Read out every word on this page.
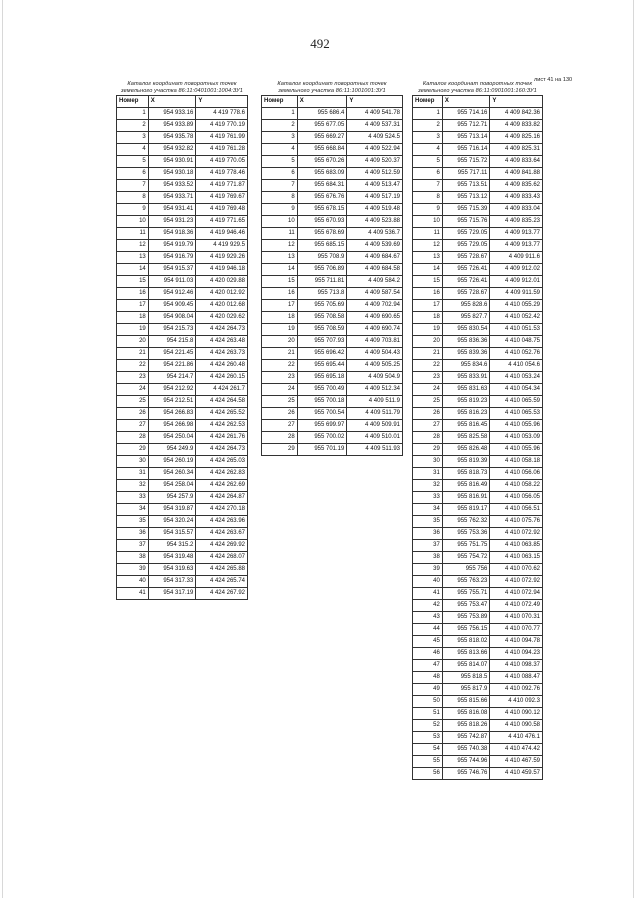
492
лист 41 на 130
Каталог координат поворотных точек
земельного участка 86:11:0401001:1004:ЗУ1
Номер	X	Y
1	954 933.16	4 419 778.6
2	954 933.89	4 419 770.19
3	954 935.78	4 419 761.99
4	954 932.82	4 419 761.28
5	954 930.91	4 419 770.05
6	954 930.18	4 419 778.46
7	954 933.52	4 419 771.87
8	954 933.71	4 419 769.67
9	954 931.41	4 419 769.48
10	954 931.23	4 419 771.65
11	954 918.36	4 419 946.46
12	954 919.79	4 419 929.5
13	954 916.79	4 419 929.26
14	954 915.37	4 419 946.18
15	954 911.03	4 420 029.88
16	954 912.46	4 420 012.92
17	954 909.45	4 420 012.68
18	954 908.04	4 420 029.62
19	954 215.73	4 424 264.73
20	954 215.8	4 424 263.48
21	954 221.45	4 424 263.73
22	954 221.86	4 424 260.48
23	954 214.7	4 424 260.15
24	954 212.92	4 424 261.7
25	954 212.51	4 424 264.58
26	954 266.83	4 424 265.52
27	954 266.98	4 424 262.53
28	954 250.04	4 424 261.76
29	954 249.9	4 424 264.73
30	954 260.19	4 424 265.03
31	954 260.34	4 424 262.83
32	954 258.04	4 424 262.69
33	954 257.9	4 424 264.87
34	954 319.87	4 424 270.18
35	954 320.24	4 424 263.96
36	954 315.57	4 424 263.67
37	954 315.2	4 424 269.92
38	954 319.48	4 424 268.07
39	954 319.63	4 424 265.88
40	954 317.33	4 424 265.74
41	954 317.19	4 424 267.92
Каталог координат поворотных точек
земельного участка 86:11:1001001:ЗУ1
Номер	X	Y
1	955 686.4	4 409 541.78
2	955 677.05	4 409 537.31
3	955 669.27	4 409 524.5
4	955 668.84	4 409 522.94
5	955 670.26	4 409 520.37
6	955 683.09	4 409 512.59
7	955 684.31	4 409 513.47
8	955 676.76	4 409 517.19
9	955 678.15	4 409 519.48
10	955 670.93	4 409 523.88
11	955 678.69	4 409 536.7
12	955 685.15	4 409 539.69
13	955 708.9	4 409 684.67
14	955 706.89	4 409 684.58
15	955 711.81	4 409 584.2
16	955 713.8	4 409 587.54
17	955 705.69	4 409 702.94
18	955 708.58	4 409 690.65
19	955 708.59	4 409 690.74
20	955 707.93	4 409 703.81
21	955 696.42	4 409 504.43
22	955 695.44	4 409 505.25
23	955 695.18	4 409 504.9
24	955 700.49	4 409 512.34
25	955 700.18	4 409 511.9
26	955 700.54	4 409 511.79
27	955 699.97	4 409 509.91
28	955 700.02	4 409 510.01
29	955 701.19	4 409 511.93
Каталог координат поворотных точек
земельного участка 86:11:0901001:160:ЗУ1
Номер	X	Y
1	955 714.16	4 409 842.36
2	955 712.71	4 409 833.82
3	955 713.14	4 409 825.16
4	955 716.14	4 409 825.31
5	955 715.72	4 409 833.64
6	955 717.11	4 409 841.88
7	955 713.51	4 409 835.62
8	955 713.12	4 409 833.43
9	955 715.39	4 409 833.04
10	955 715.76	4 409 835.23
11	955 729.05	4 409 913.77
12	955 729.05	4 409 913.77
13	955 728.67	4 409 911.6
14	955 726.41	4 409 912.02
15	955 726.41	4 409 912.01
16	955 728.67	4 409 911.59
17	955 828.6	4 410 055.29
18	955 827.7	4 410 052.42
19	955 830.54	4 410 051.53
20	955 836.36	4 410 048.75
21	955 839.36	4 410 052.76
22	955 834.6	4 410 054.6
23	955 833.91	4 410 053.24
24	955 831.63	4 410 054.34
25	955 819.23	4 410 065.59
26	955 816.23	4 410 065.53
27	955 816.45	4 410 055.96
28	955 825.58	4 410 053.09
29	955 826.48	4 410 055.96
30	955 819.39	4 410 058.18
31	955 818.73	4 410 056.06
32	955 816.49	4 410 058.22
33	955 816.91	4 410 056.05
34	955 819.17	4 410 056.51
35	955 762.32	4 410 075.76
36	955 753.36	4 410 072.92
37	955 751.75	4 410 063.85
38	955 754.72	4 410 063.15
39	955 756	4 410 070.62
40	955 763.23	4 410 072.92
41	955 755.71	4 410 072.94
42	955 753.47	4 410 072.49
43	955 753.89	4 410 070.31
44	955 756.15	4 410 070.77
45	955 818.02	4 410 094.78
46	955 813.66	4 410 094.23
47	955 814.07	4 410 098.37
48	955 818.5	4 410 088.47
49	955 817.9	4 410 092.76
50	955 815.66	4 410 092.3
51	955 816.08	4 410 090.12
52	955 818.26	4 410 090.58
53	955 742.87	4 410 476.1
54	955 740.38	4 410 474.42
55	955 744.96	4 410 467.59
56	955 746.76	4 410 459.57
